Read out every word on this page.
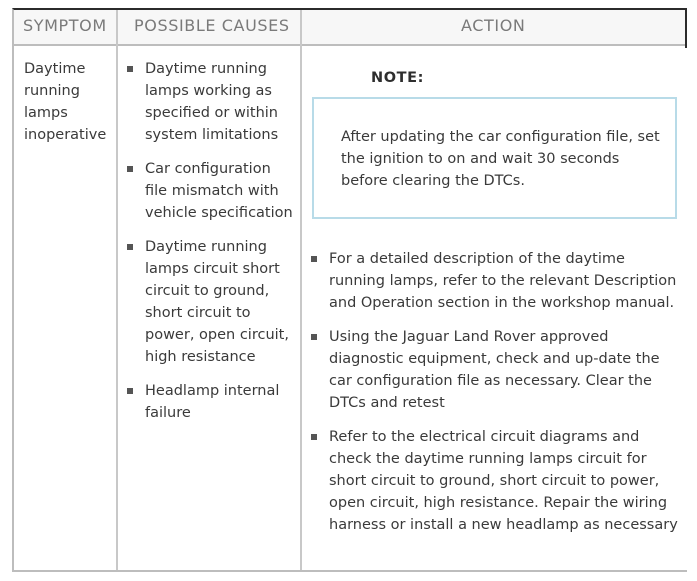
SYMPTOM POSSIBLE CAUSES	ACTION
Daytime running lamps inoperative
Daytime running lamps working as specified or within system limitations
Car configuration file mismatch with vehicle specification
Daytime running lamps circuit short circuit to ground, short circuit to power, open circuit, high resistance
Headlamp internal failure
NOTE:
After updating the car configuration file, set the ignition to on and wait 30 seconds before clearing the DTCs.
For a detailed description of the daytime running lamps, refer to the relevant Description and Operation section in the workshop manual.
Using the Jaguar Land Rover approved diagnostic equipment, check and up-date the car configuration file as necessary. Clear the DTCs and retest
Refer to the electrical circuit diagrams and check the daytime running lamps circuit for short circuit to ground, short circuit to power, open circuit, high resistance. Repair the wiring harness or install a new headlamp as necessary
